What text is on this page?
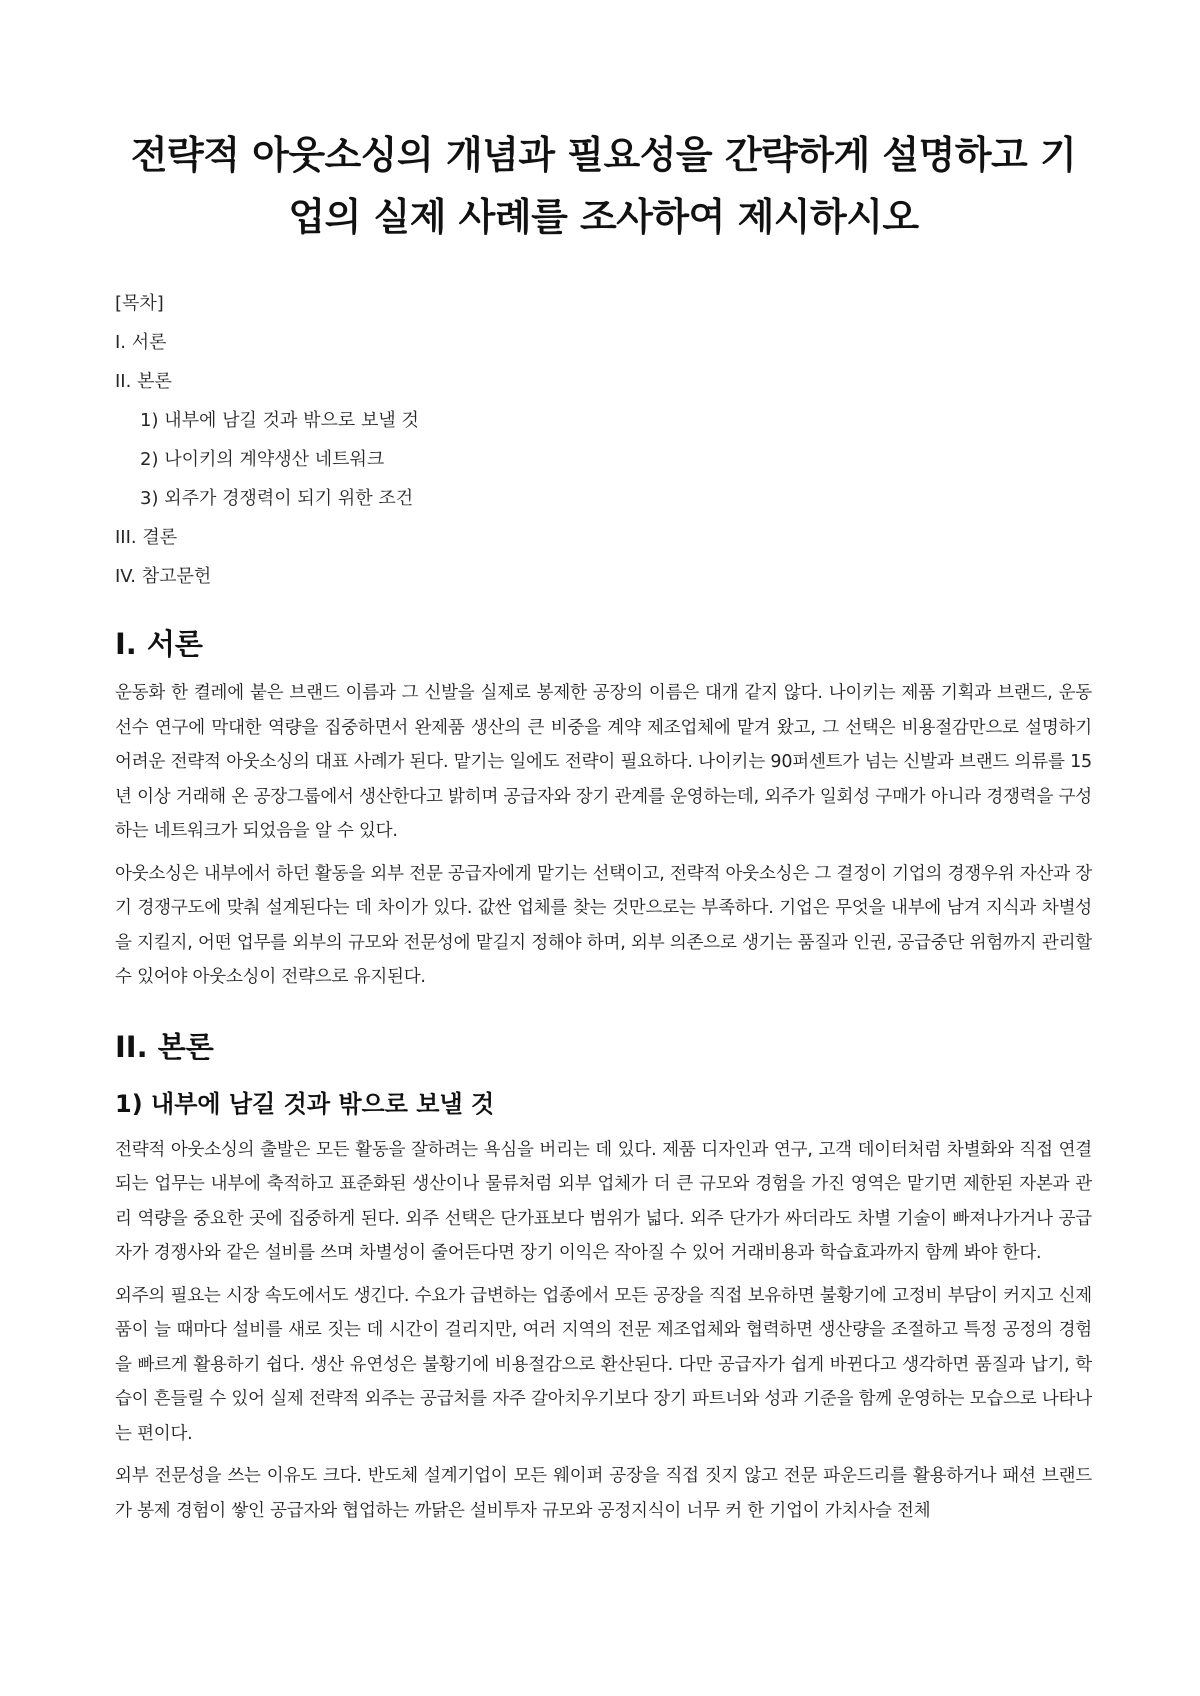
전략적 아웃소싱의 개념과 필요성을 간략하게 설명하고 기업의 실제 사례를 조사하여 제시하시오
[목차]
I. 서론
II. 본론
1) 내부에 남길 것과 밖으로 보낼 것
2) 나이키의 계약생산 네트워크
3) 외주가 경쟁력이 되기 위한 조건
III. 결론
IV. 참고문헌
I. 서론

운동화 한 켤레에 붙은 브랜드 이름과 그 신발을 실제로 봉제한 공장의 이름은 대개 같지 않다. 나이키는 제품 기획과 브랜드, 운동선수 연구에 막대한 역량을 집중하면서 완제품 생산의 큰 비중을 계약 제조업체에 맡겨 왔고, 그 선택은 비용절감만으로 설명하기 어려운 전략적 아웃소싱의 대표 사례가 된다. 맡기는 일에도 전략이 필요하다. 나이키는 90퍼센트가 넘는 신발과 브랜드 의류를 15년 이상 거래해 온 공장그룹에서 생산한다고 밝히며 공급자와 장기 관계를 운영하는데, 외주가 일회성 구매가 아니라 경쟁력을 구성하는 네트워크가 되었음을 알 수 있다.

아웃소싱은 내부에서 하던 활동을 외부 전문 공급자에게 맡기는 선택이고, 전략적 아웃소싱은 그 결정이 기업의 경쟁우위 자산과 장기 경쟁구도에 맞춰 설계된다는 데 차이가 있다. 값싼 업체를 찾는 것만으로는 부족하다. 기업은 무엇을 내부에 남겨 지식과 차별성을 지킬지, 어떤 업무를 외부의 규모와 전문성에 맡길지 정해야 하며, 외부 의존으로 생기는 품질과 인권, 공급중단 위험까지 관리할 수 있어야 아웃소싱이 전략으로 유지된다.

II. 본론
1) 내부에 남길 것과 밖으로 보낼 것

전략적 아웃소싱의 출발은 모든 활동을 잘하려는 욕심을 버리는 데 있다. 제품 디자인과 연구, 고객 데이터처럼 차별화와 직접 연결되는 업무는 내부에 축적하고 표준화된 생산이나 물류처럼 외부 업체가 더 큰 규모와 경험을 가진 영역은 맡기면 제한된 자본과 관리 역량을 중요한 곳에 집중하게 된다. 외주 선택은 단가표보다 범위가 넓다. 외주 단가가 싸더라도 차별 기술이 빠져나가거나 공급자가 경쟁사와 같은 설비를 쓰며 차별성이 줄어든다면 장기 이익은 작아질 수 있어 거래비용과 학습효과까지 함께 봐야 한다.

외주의 필요는 시장 속도에서도 생긴다. 수요가 급변하는 업종에서 모든 공장을 직접 보유하면 불황기에 고정비 부담이 커지고 신제품이 늘 때마다 설비를 새로 짓는 데 시간이 걸리지만, 여러 지역의 전문 제조업체와 협력하면 생산량을 조절하고 특정 공정의 경험을 빠르게 활용하기 쉽다. 생산 유연성은 불황기에 비용절감으로 환산된다. 다만 공급자가 쉽게 바뀐다고 생각하면 품질과 납기, 학습이 흔들릴 수 있어 실제 전략적 외주는 공급처를 자주 갈아치우기보다 장기 파트너와 성과 기준을 함께 운영하는 모습으로 나타나는 편이다.

외부 전문성을 쓰는 이유도 크다. 반도체 설계기업이 모든 웨이퍼 공장을 직접 짓지 않고 전문 파운드리를 활용하거나 패션 브랜드가 봉제 경험이 쌓인 공급자와 협업하는 까닭은 설비투자 규모와 공정지식이 너무 커 한 기업이 가치사슬 전체
